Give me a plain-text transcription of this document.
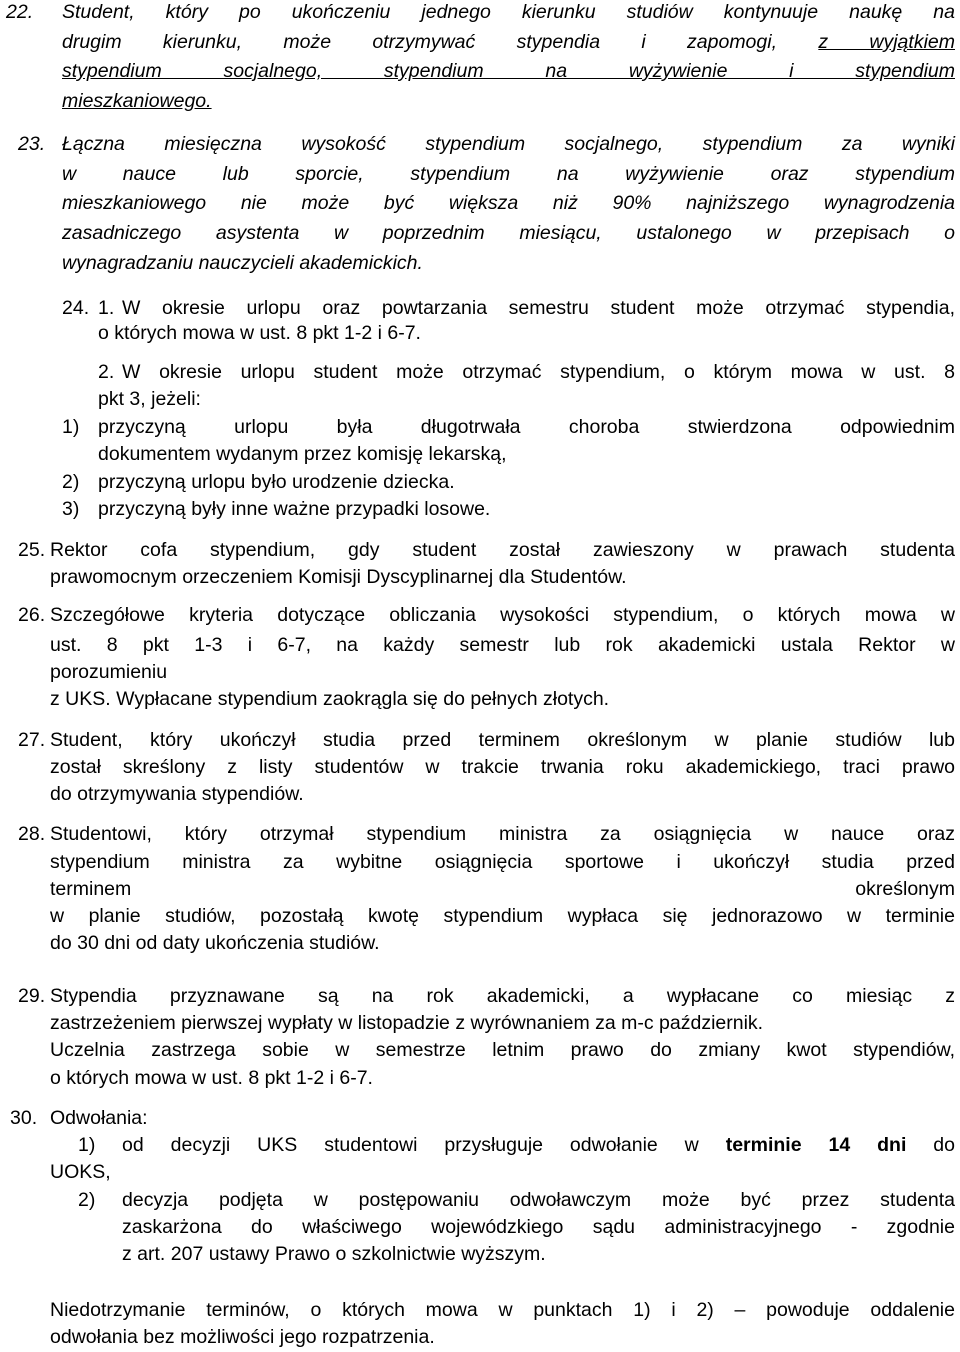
22. Student, który po ukończeniu jednego kierunku studiów kontynuuje naukę na
drugim kierunku, może otrzymywać stypendia i zapomogi, z wyjątkiem
stypendium socjalnego, stypendium na wyżywienie i stypendium
mieszkaniowego.
23. Łączna miesięczna wysokość stypendium socjalnego, stypendium za wyniki
w nauce lub sporcie, stypendium na wyżywienie oraz stypendium
mieszkaniowego nie może być większa niż 90% najniższego wynagrodzenia
zasadniczego asystenta w poprzednim miesiącu, ustalonego w przepisach o
wynagradzaniu nauczycieli akademickich.
24. 1. W okresie urlopu oraz powtarzania semestru student może otrzymać stypendia,
o których mowa w ust. 8 pkt 1-2 i 6-7.
2. W okresie urlopu student może otrzymać stypendium, o którym mowa w ust. 8
pkt 3, jeżeli:
1) przyczyną urlopu była długotrwała choroba stwierdzona odpowiednim
dokumentem wydanym przez komisję lekarską,
2) przyczyną urlopu było urodzenie dziecka.
3) przyczyną były inne ważne przypadki losowe.
25. Rektor cofa stypendium, gdy student został zawieszony w prawach studenta
prawomocnym orzeczeniem Komisji Dyscyplinarnej dla Studentów.
26. Szczegółowe kryteria dotyczące obliczania wysokości stypendium, o których mowa w
ust. 8 pkt 1-3 i 6-7, na każdy semestr lub rok akademicki ustala Rektor w
porozumieniu
z UKS. Wypłacane stypendium zaokrągla się do pełnych złotych.
27. Student, który ukończył studia przed terminem określonym w planie studiów lub
został skreślony z listy studentów w trakcie trwania roku akademickiego, traci prawo
do otrzymywania stypendiów.
28. Studentowi, który otrzymał stypendium ministra za osiągnięcia w nauce oraz
stypendium ministra za wybitne osiągnięcia sportowe i ukończył studia przed
terminem	określonym
w planie studiów, pozostałą kwotę stypendium wypłaca się jednorazowo w terminie
do 30 dni od daty ukończenia studiów.
29. Stypendia przyznawane są na rok akademicki, a wypłacane co miesiąc z
zastrzeżeniem pierwszej wypłaty w listopadzie z wyrównaniem za m-c październik.
Uczelnia zastrzega sobie w semestrze letnim prawo do zmiany kwot stypendiów,
o których mowa w ust. 8 pkt 1-2 i 6-7.
30. Odwołania:
1) od decyzji UKS studentowi przysługuje odwołanie w terminie 14 dni do
UOKS,
2) decyzja podjęta w postępowaniu odwoławczym może być przez studenta
zaskarżona do właściwego wojewódzkiego sądu administracyjnego - zgodnie
z art. 207 ustawy Prawo o szkolnictwie wyższym.
Niedotrzymanie terminów, o których mowa w punktach 1) i 2) – powoduje oddalenie
odwołania bez możliwości jego rozpatrzenia.
